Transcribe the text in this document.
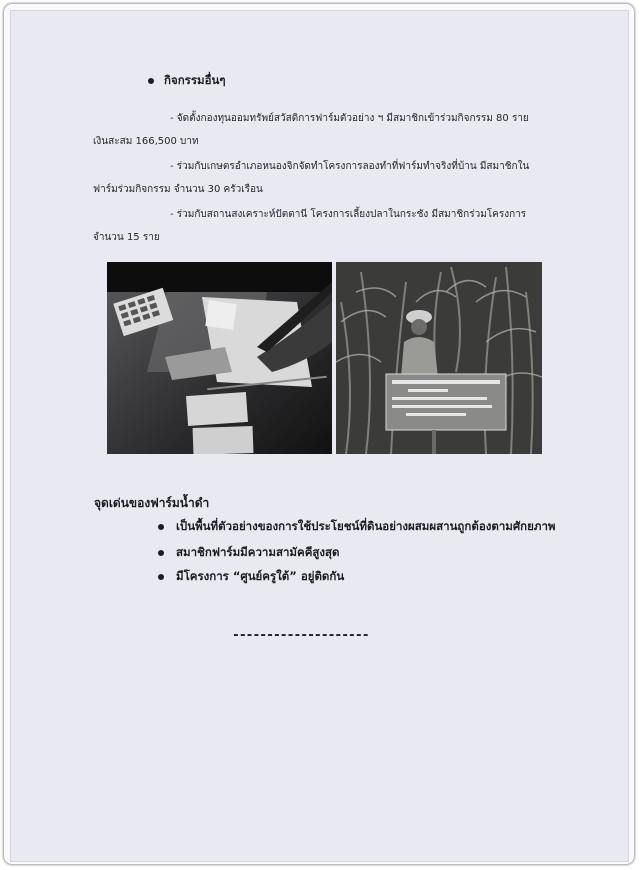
กิจกรรมอื่นๆ
- จัดตั้งกองทุนออมทรัพย์สวัสดิการฟาร์มตัวอย่าง ฯ มีสมาชิกเข้าร่วมกิจกรรม 80 ราย
เงินสะสม 166,500 บาท
- ร่วมกับเกษตรอำเภอหนองจิกจัดทำโครงการลองทำที่ฟาร์มทำจริงที่บ้าน มีสมาชิกใน
ฟาร์มร่วมกิจกรรม จำนวน 30 ครัวเรือน
- ร่วมกับสถานสงเคราะห์ปัตตานี โครงการเลี้ยงปลาในกระชัง มีสมาชิกร่วมโครงการ
จำนวน 15 ราย
จุดเด่นของฟาร์มน้ำดำ
เป็นพื้นที่ตัวอย่างของการใช้ประโยชน์ที่ดินอย่างผสมผสานถูกต้องตามศักยภาพ
สมาชิกฟาร์มมีความสามัคคีสูงสุด
มีโครงการ “ศูนย์ครูใต้” อยู่ติดกัน
--------------------
